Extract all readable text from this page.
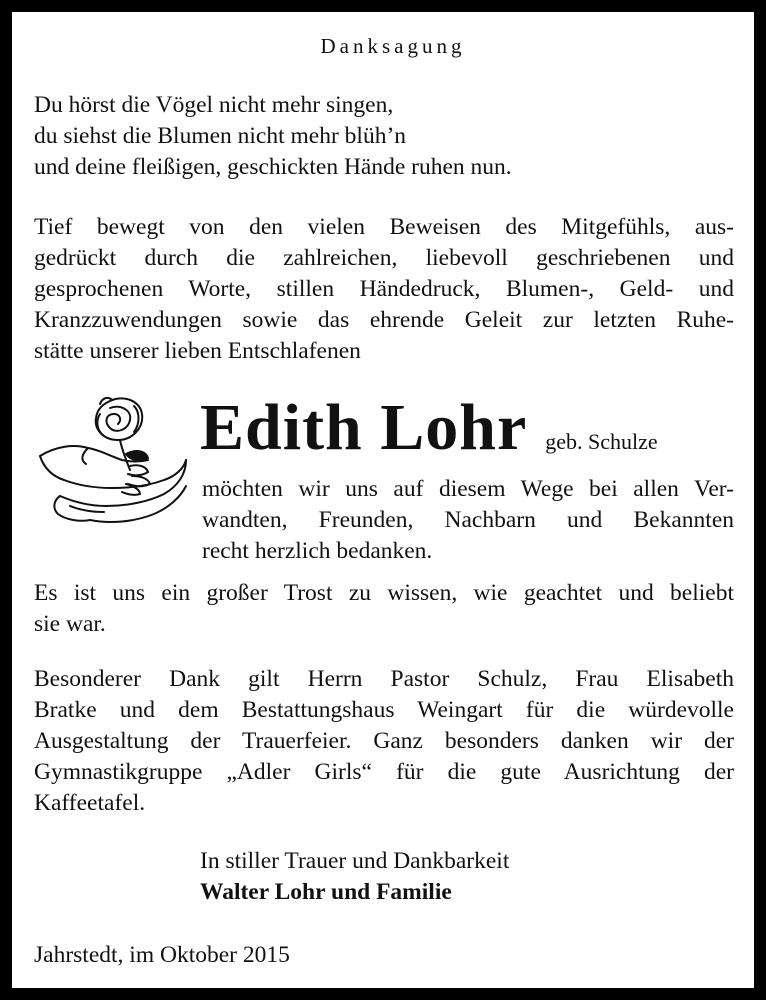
Danksagung
Du hörst die Vögel nicht mehr singen,
du siehst die Blumen nicht mehr blüh’n
und deine fleißigen, geschickten Hände ruhen nun.
Tief bewegt von den vielen Beweisen des Mitgefühls, aus-
gedrückt durch die zahlreichen, liebevoll geschriebenen und
gesprochenen Worte, stillen Händedruck, Blumen-, Geld- und
Kranzzuwendungen sowie das ehrende Geleit zur letzten Ruhe-
stätte unserer lieben Entschlafenen
Edith Lohr geb. Schulze
möchten wir uns auf diesem Wege bei allen Ver-
wandten, Freunden, Nachbarn und Bekannten
recht herzlich bedanken.
Es ist uns ein großer Trost zu wissen, wie geachtet und beliebt
sie war.
Besonderer Dank gilt Herrn Pastor Schulz, Frau Elisabeth
Bratke und dem Bestattungshaus Weingart für die würdevolle
Ausgestaltung der Trauerfeier. Ganz besonders danken wir der
Gymnastikgruppe „Adler Girls“ für die gute Ausrichtung der
Kaffeetafel.
In stiller Trauer und Dankbarkeit
Walter Lohr und Familie
Jahrstedt, im Oktober 2015
